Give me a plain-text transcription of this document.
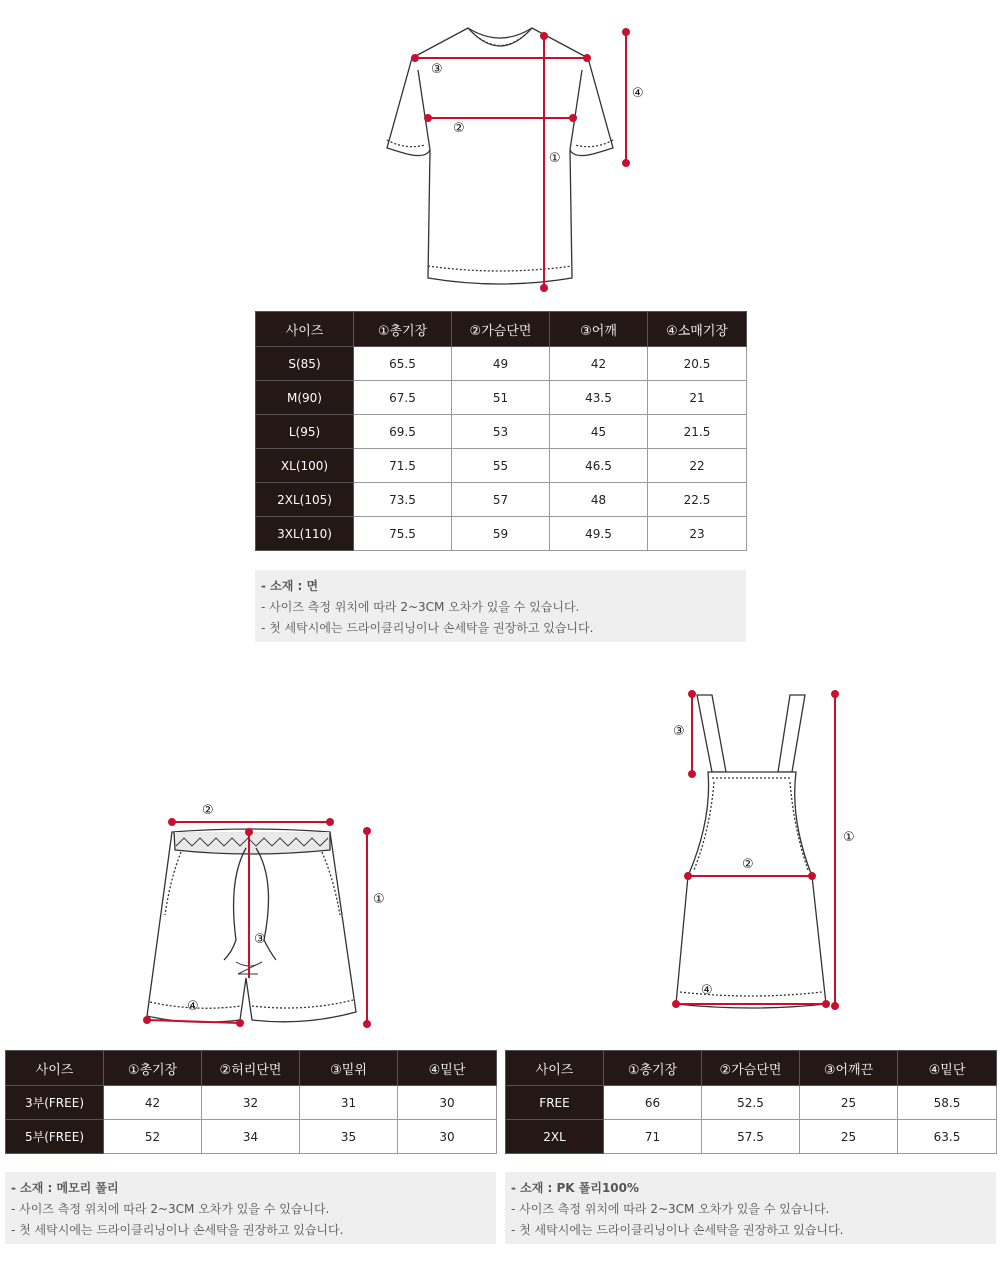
①
②
③
④
사이즈	①총기장	②가슴단면	③어깨	④소매기장
S(85)	65.5	49	42	20.5
M(90)	67.5	51	43.5	21
L(95)	69.5	53	45	21.5
XL(100)	71.5	55	46.5	22
2XL(105)	73.5	57	48	22.5
3XL(110)	75.5	59	49.5	23
- 소재 : 면
- 사이즈 측정 위치에 따라 2~3CM 오차가 있을 수 있습니다.
- 첫 세탁시에는 드라이클리닝이나 손세탁을 권장하고 있습니다.
①
②
③
④
①
②
③
④
사이즈	①총기장	②허리단면	③밑위	④밑단
3부(FREE)	42	32	31	30
5부(FREE)	52	34	35	30
- 소재 : 메모리 폴리
- 사이즈 측정 위치에 따라 2~3CM 오차가 있을 수 있습니다.
- 첫 세탁시에는 드라이클리닝이나 손세탁을 권장하고 있습니다.
사이즈	①총기장	②가슴단면	③어깨끈	④밑단
FREE	66	52.5	25	58.5
2XL	71	57.5	25	63.5
- 소재 : PK 폴리100%
- 사이즈 측정 위치에 따라 2~3CM 오차가 있을 수 있습니다.
- 첫 세탁시에는 드라이클리닝이나 손세탁을 권장하고 있습니다.
